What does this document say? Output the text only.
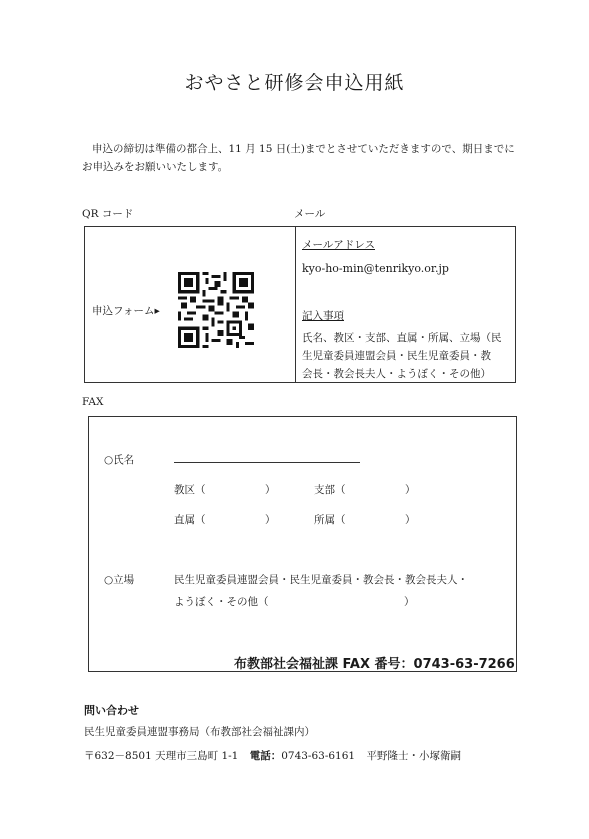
おやさと研修会申込用紙
申込の締切は準備の都合上、11 月 15 日(土)までとさせていただきますので、期日までにお申込みをお願いいたします。
QR コード	メール
申込フォーム▸
メールアドレス
kyo-ho-min@tenrikyo.or.jp
記入事項
氏名、教区・支部、直属・所属、立場（民
生児童委員連盟会員・民生児童委員・教
会長・教会長夫人・ようぼく・その他）
FAX
○氏名
教区（	）	支部（	）
直属（	）	所属（	）
○立場	民生児童委員連盟会員・民生児童委員・教会長・教会長夫人・
ようぼく・その他（	）
布教部社会福祉課 FAX 番号：0743-63-7266
問い合わせ
民生児童委員連盟事務局（布教部社会福祉課内）
〒632－8501 天理市三島町 1-1 電話：0743-63-6161 平野隆士・小塚衛嗣
